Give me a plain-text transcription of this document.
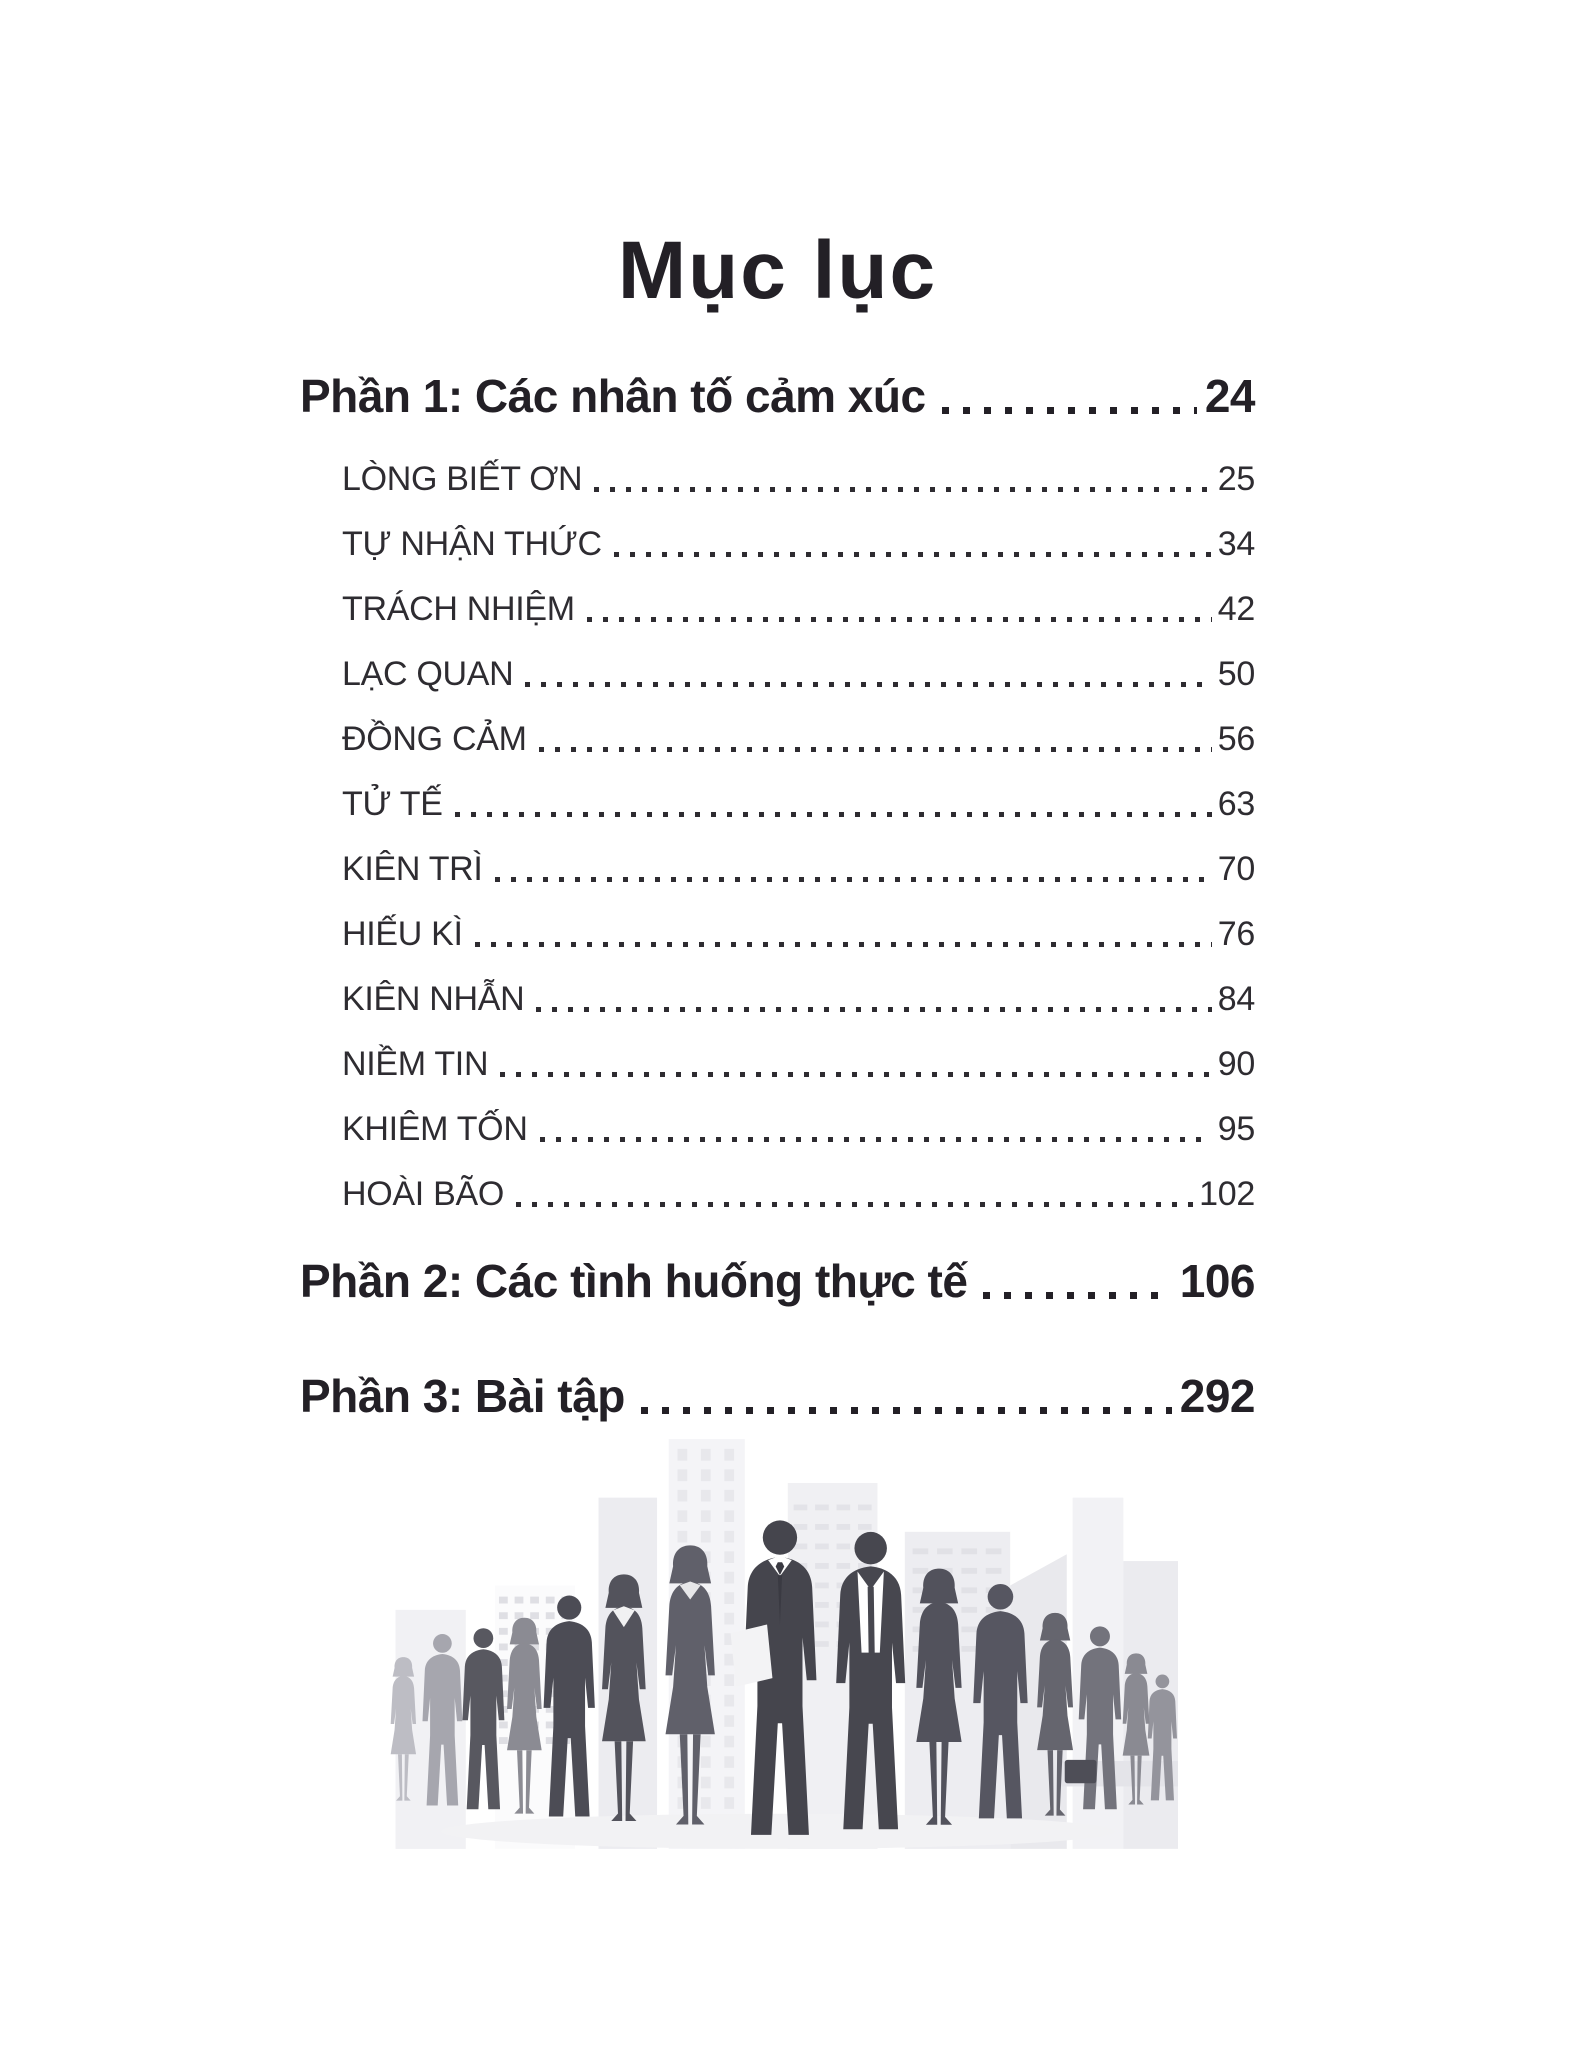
Mục lục
Phần 1: Các nhân tố cảm xúc	24
LÒNG BIẾT ƠN	25
TỰ NHẬN THỨC	34
TRÁCH NHIỆM	42
LẠC QUAN	50
ĐỒNG CẢM	56
TỬ TẾ	63
KIÊN TRÌ	70
HIẾU KÌ	76
KIÊN NHẪN	84
NIỀM TIN	90
KHIÊM TỐN	95
HOÀI BÃO	102
Phần 2: Các tình huống thực tế	106
Phần 3: Bài tập	292
